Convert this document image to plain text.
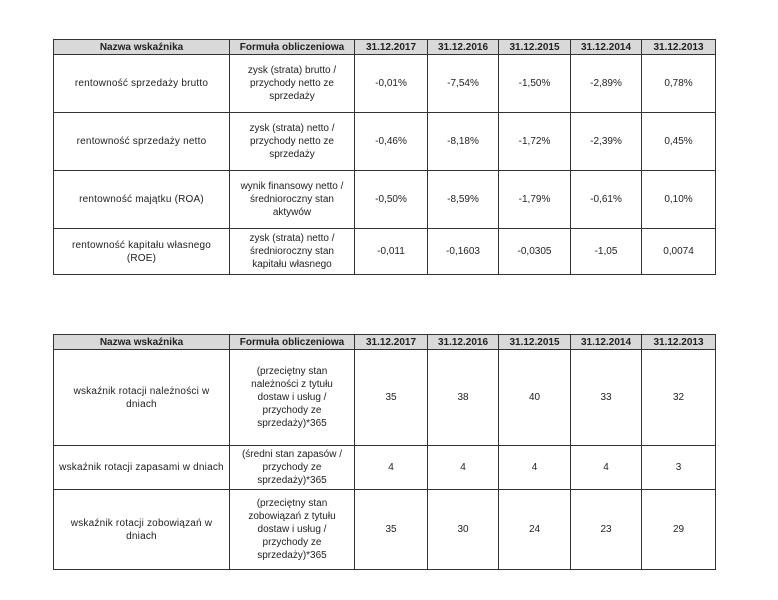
Nazwa wskaźnika	Formuła obliczeniowa	31.12.2017	31.12.2016	31.12.2015	31.12.2014	31.12.2013
rentowność sprzedaży brutto	zysk (strata) brutto / przychody netto ze sprzedaży	-0,01%	-7,54%	-1,50%	-2,89%	0,78%
rentowność sprzedaży netto	zysk (strata) netto / przychody netto ze sprzedaży	-0,46%	-8,18%	-1,72%	-2,39%	0,45%
rentowność majątku (ROA)	wynik finansowy netto / średnioroczny stan aktywów	-0,50%	-8,59%	-1,79%	-0,61%	0,10%
rentowność kapitału własnego (ROE)	zysk (strata) netto / średnioroczny stan kapitału własnego	-0,011	-0,1603	-0,0305	-1,05	0,0074
Nazwa wskaźnika	Formuła obliczeniowa	31.12.2017	31.12.2016	31.12.2015	31.12.2014	31.12.2013
wskaźnik rotacji należności w dniach	(przeciętny stan należności z tytułu dostaw i usług / przychody ze sprzedaży)*365	35	38	40	33	32
wskaźnik rotacji zapasami w dniach	(średni stan zapasów / przychody ze sprzedaży)*365	4	4	4	4	3
wskaźnik rotacji zobowiązań w dniach	(przeciętny stan zobowiązań z tytułu dostaw i usług / przychody ze sprzedaży)*365	35	30	24	23	29
